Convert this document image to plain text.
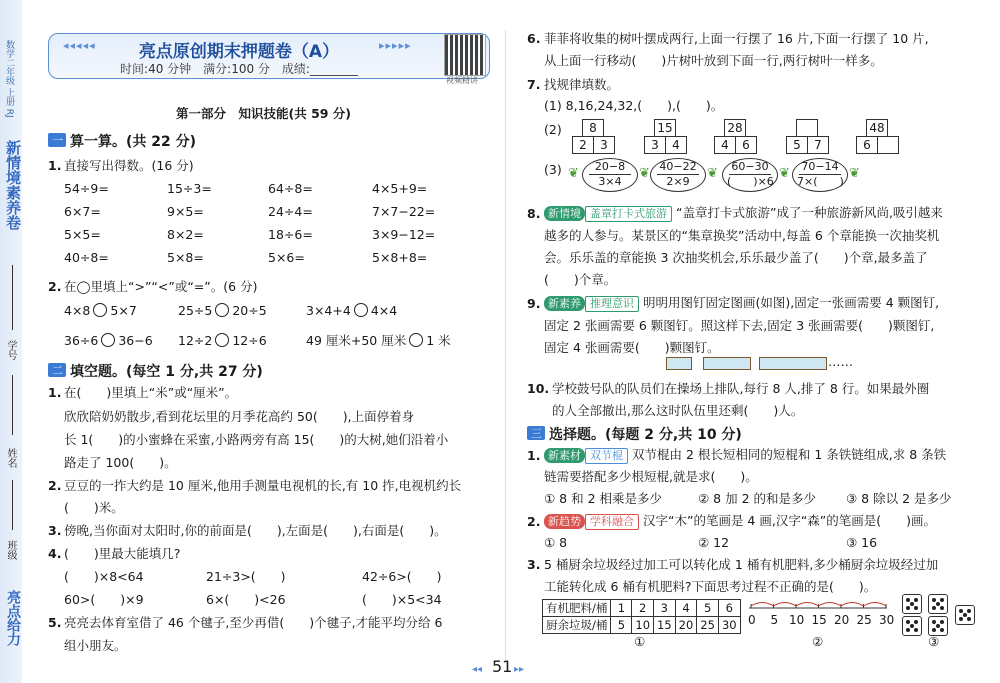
新情境素养卷
数学二年级 上册 RJ
亮点给力
班级
姓名
学号
◂◂◂◂◂	▸▸▸▸▸
亮点原创期末押题卷（A）
时间:40 分钟　满分:100 分　成绩:________
视频精讲
第一部分　知识技能(共 59 分)
一 算一算。(共 22 分)
1. 直接写出得数。(16 分)
54÷9=	15÷3=	64÷8=	4×5+9=
6×7=	9×5=	24÷4=	7×7−22=
5×5=	8×2=	18÷6=	3×9−12=
40÷8=	5×8=	5×6=	5×8+8=
2. 在◯里填上“>”“<”或“=”。(6 分)
4×8 5×7	25÷5 20÷5	3×4+4 4×4
36÷6 36−6 12÷2 12÷6	49 厘米+50 厘米 1 米
二 填空题。(每空 1 分,共 27 分)
1. 在(　　)里填上“米”或“厘米”。
欣欣陪奶奶散步,看到花坛里的月季花高约 50(　　),上面停着身
长 1(　　)的小蜜蜂在采蜜,小路两旁有高 15(　　)的大树,她们沿着小
路走了 100(　　)。
2. 豆豆的一拃大约是 10 厘米,他用手测量电视机的长,有 10 拃,电视机约长
(　　)米。
3. 傍晚,当你面对太阳时,你的前面是(　　),左面是(　　),右面是(　　)。
4. (　　)里最大能填几?
(　　)×8<64	21÷3>(　　)	42÷6>(　　)
60>(　　)×9	6×(　　)<26	(　　)×5<34
5. 亮亮去体育室借了 46 个毽子,至少再借(　　)个毽子,才能平均分给 6
组小朋友。
6. 菲菲将收集的树叶摆成两行,上面一行摆了 16 片,下面一行摆了 10 片,
从上面一行移动(　　)片树叶放到下面一行,两行树叶一样多。
7. 找规律填数。
(1) 8,16,24,32,(　　),(　　)。
(2)	8
2	3
15
3	4
28
4	6	5	7
48
6
(3) ❦	20−8
3×4
❦ 40−22
2×9
❦ 60−30
(　　)×6
❦ 70−14
7×(　　)
❦
8. 新情境 盖章打卡式旅游 “盖章打卡式旅游”成了一种旅游新风尚,吸引越来
越多的人参与。某景区的“集章换奖”活动中,每盖 6 个章能换一次抽奖机
会。乐乐盖的章能换 3 次抽奖机会,乐乐最少盖了(　　)个章,最多盖了
(　　)个章。
9. 新素养 推理意识 明明用图钉固定图画(如图),固定一张画需要 4 颗图钉,
固定 2 张画需要 6 颗图钉。照这样下去,固定 3 张画需要(　　)颗图钉,
固定 4 张画需要(　　)颗图钉。
……
10. 学校鼓号队的队员们在操场上排队,每行 8 人,排了 8 行。如果最外圈
的人全部撤出,那么这时队伍里还剩(　　)人。
三 选择题。(每题 2 分,共 10 分)
1. 新素材 双节棍 双节棍由 2 根长短相同的短棍和 1 条铁链组成,求 8 条铁
链需要搭配多少根短棍,就是求(　　)。
① 8 和 2 相乘是多少	② 8 加 2 的和是多少 ③ 8 除以 2 是多少
2. 新趋势 学科融合 汉字“木”的笔画是 4 画,汉字“森”的笔画是(　　)画。
① 8	② 12	③ 16
3. 5 桶厨余垃圾经过加工可以转化成 1 桶有机肥料,多少桶厨余垃圾经过加
工能转化成 6 桶有机肥料?下面思考过程不正确的是(　　)。
有机肥料/桶	1	2	3	4	5	6
厨余垃圾/桶	5	10	15	20	25	30
①
0 5 10 15 20 25 30
②	③
◂◂ 51 ▸▸
